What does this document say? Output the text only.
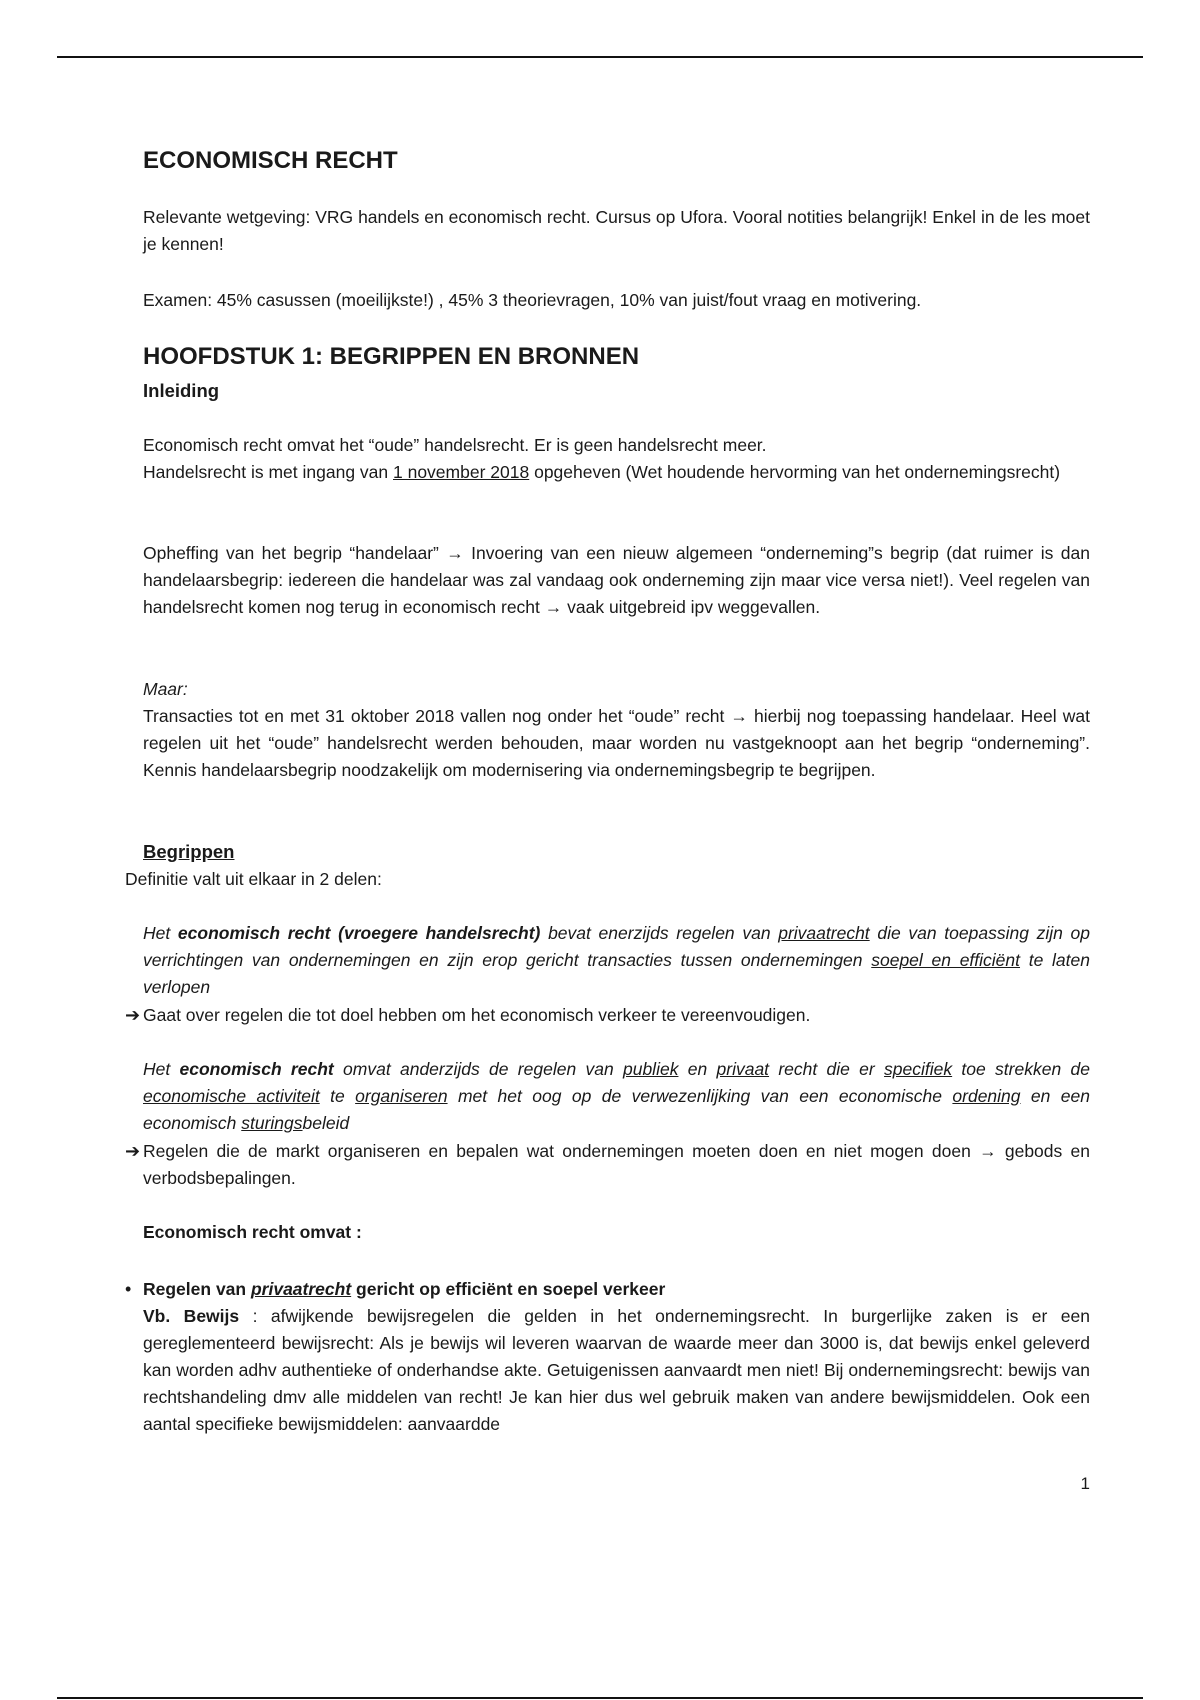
ECONOMISCH RECHT

Relevante wetgeving: VRG handels en economisch recht. Cursus op Ufora. Vooral notities belangrijk! Enkel in de les moet je kennen!

Examen: 45% casussen (moeilijkste!) , 45% 3 theorievragen, 10% van juist/fout vraag en motivering.

HOOFDSTUK 1: BEGRIPPEN EN BRONNEN
Inleiding

Economisch recht omvat het “oude” handelsrecht. Er is geen handelsrecht meer.

Handelsrecht is met ingang van 1 november 2018 opgeheven (Wet houdende hervorming van het ondernemingsrecht)

Opheffing van het begrip “handelaar” → Invoering van een nieuw algemeen “onderneming”s begrip (dat ruimer is dan handelaarsbegrip: iedereen die handelaar was zal vandaag ook onderneming zijn maar vice versa niet!). Veel regelen van handelsrecht komen nog terug in economisch recht → vaak uitgebreid ipv weggevallen.

Maar:

Transacties tot en met 31 oktober 2018 vallen nog onder het “oude” recht → hierbij nog toepassing handelaar. Heel wat regelen uit het “oude” handelsrecht werden behouden, maar worden nu vastgeknoopt aan het begrip “onderneming”. Kennis handelaarsbegrip noodzakelijk om modernisering via ondernemingsbegrip te begrijpen.

Begrippen

Definitie valt uit elkaar in 2 delen:

Het economisch recht (vroegere handelsrecht) bevat enerzijds regelen van privaatrecht die van toepassing zijn op verrichtingen van ondernemingen en zijn erop gericht transacties tussen ondernemingen soepel en efficiënt te laten verlopen

➔ Gaat over regelen die tot doel hebben om het economisch verkeer te vereenvoudigen.

Het economisch recht omvat anderzijds de regelen van publiek en privaat recht die er specifiek toe strekken de economische activiteit te organiseren met het oog op de verwezenlijking van een economische ordening en een economisch sturingsbeleid

➔ Regelen die de markt organiseren en bepalen wat ondernemingen moeten doen en niet mogen doen → gebods en verbodsbepalingen.

Economisch recht omvat :
• Regelen van privaatrecht gericht op efficiënt en soepel verkeer

Vb. Bewijs : afwijkende bewijsregelen die gelden in het ondernemingsrecht. In burgerlijke zaken is er een gereglementeerd bewijsrecht: Als je bewijs wil leveren waarvan de waarde meer dan 3000 is, dat bewijs enkel geleverd kan worden adhv authentieke of onderhandse akte. Getuigenissen aanvaardt men niet! Bij ondernemingsrecht: bewijs van rechtshandeling dmv alle middelen van recht! Je kan hier dus wel gebruik maken van andere bewijsmiddelen. Ook een aantal specifieke bewijsmiddelen: aanvaardde

1
